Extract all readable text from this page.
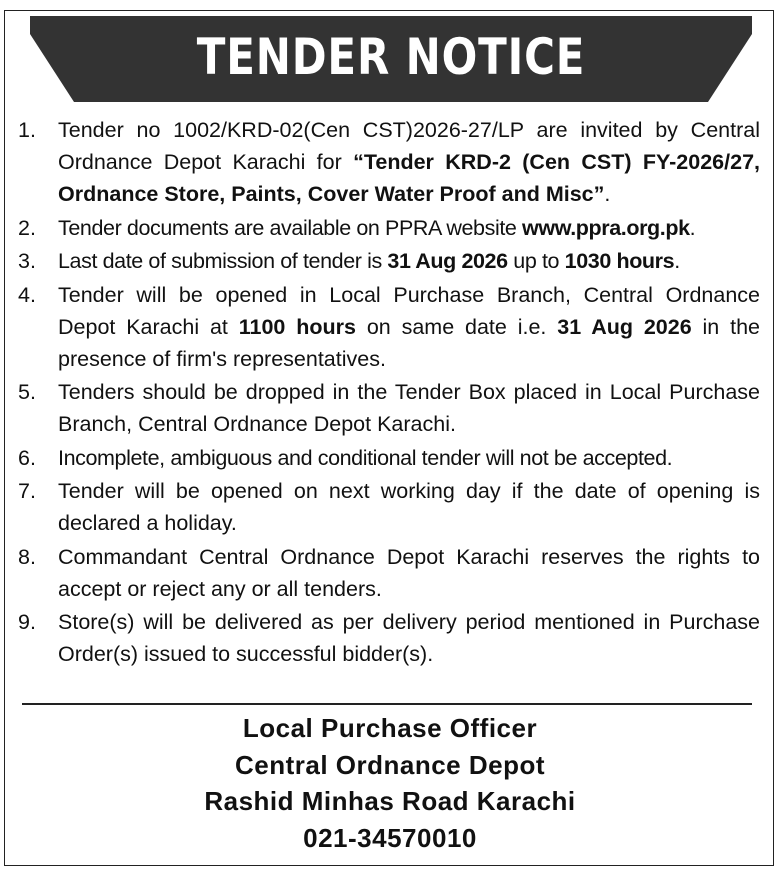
TENDER NOTICE
1.	Tender no 1002/KRD-02(Cen CST)2026-27/LP are invited by Central Ordnance Depot Karachi for “Tender KRD-2 (Cen CST) FY-2026/27, Ordnance Store, Paints, Cover Water Proof and Misc”.
2.	Tender documents are available on PPRA website www.ppra.org.pk.
3.	Last date of submission of tender is 31 Aug 2026 up to 1030 hours.
4.	Tender will be opened in Local Purchase Branch, Central Ordnance Depot Karachi at 1100 hours on same date i.e. 31 Aug 2026 in the presence of firm's representatives.
5.	Tenders should be dropped in the Tender Box placed in Local Purchase Branch, Central Ordnance Depot Karachi.
6.	Incomplete, ambiguous and conditional tender will not be accepted.
7.	Tender will be opened on next working day if the date of opening is declared a holiday.
8.	Commandant Central Ordnance Depot Karachi reserves the rights to accept or reject any or all tenders.
9.	Store(s) will be delivered as per delivery period mentioned in Purchase Order(s) issued to successful bidder(s).
Local Purchase Officer
Central Ordnance Depot
Rashid Minhas Road Karachi
021-34570010
